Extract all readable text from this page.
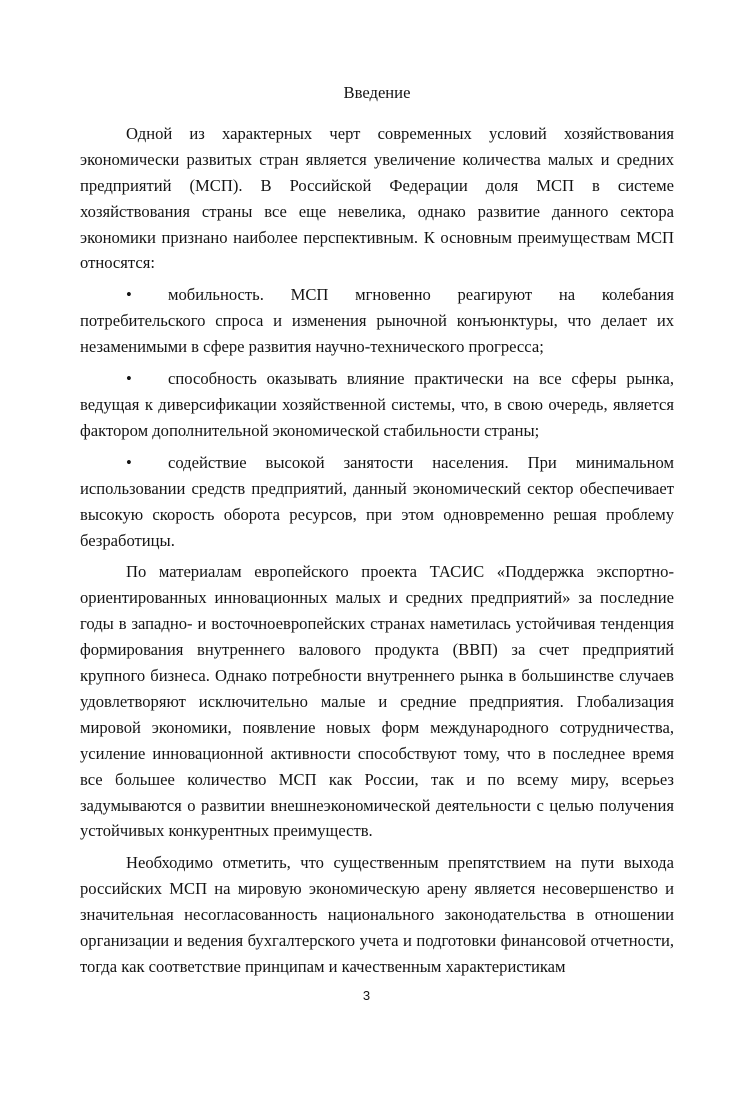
Введение

Одной из характерных черт современных условий хозяйствования экономически развитых стран является увеличение количества малых и средних предприятий (МСП). В Российской Федерации доля МСП в системе хозяйствования страны все еще невелика, однако развитие данного сектора экономики признано наиболее перспективным. К основным преимуществам МСП относятся:

• мобильность. МСП мгновенно реагируют на колебания потребительского спроса и изменения рыночной конъюнктуры, что делает их незаменимыми в сфере развития научно-технического прогресса;
• способность оказывать влияние практически на все сферы рынка, ведущая к диверсификации хозяйственной системы, что, в свою очередь, является фактором дополнительной экономической стабильности страны;
• содействие высокой занятости населения. При минимальном использовании средств предприятий, данный экономический сектор обеспечивает высокую скорость оборота ресурсов, при этом одновременно решая проблему безработицы.

По материалам европейского проекта ТАСИС «Поддержка экспортно-ориентированных инновационных малых и средних предприятий» за последние годы в западно- и восточноевропейских странах наметилась устойчивая тенденция формирования внутреннего валового продукта (ВВП) за счет предприятий крупного бизнеса. Однако потребности внутреннего рынка в большинстве случаев удовлетворяют исключительно малые и средние предприятия. Глобализация мировой экономики, появление новых форм международного сотрудничества, усиление инновационной активности способствуют тому, что в последнее время все большее количество МСП как России, так и по всему миру, всерьез задумываются о развитии внешнеэкономической деятельности с целью получения устойчивых конкурентных преимуществ.

Необходимо отметить, что существенным препятствием на пути выхода российских МСП на мировую экономическую арену является несовершенство и значительная несогласованность национального законодательства в отношении организации и ведения бухгалтерского учета и подготовки финансовой отчетности, тогда как соответствие принципам и качественным характеристикам

3
